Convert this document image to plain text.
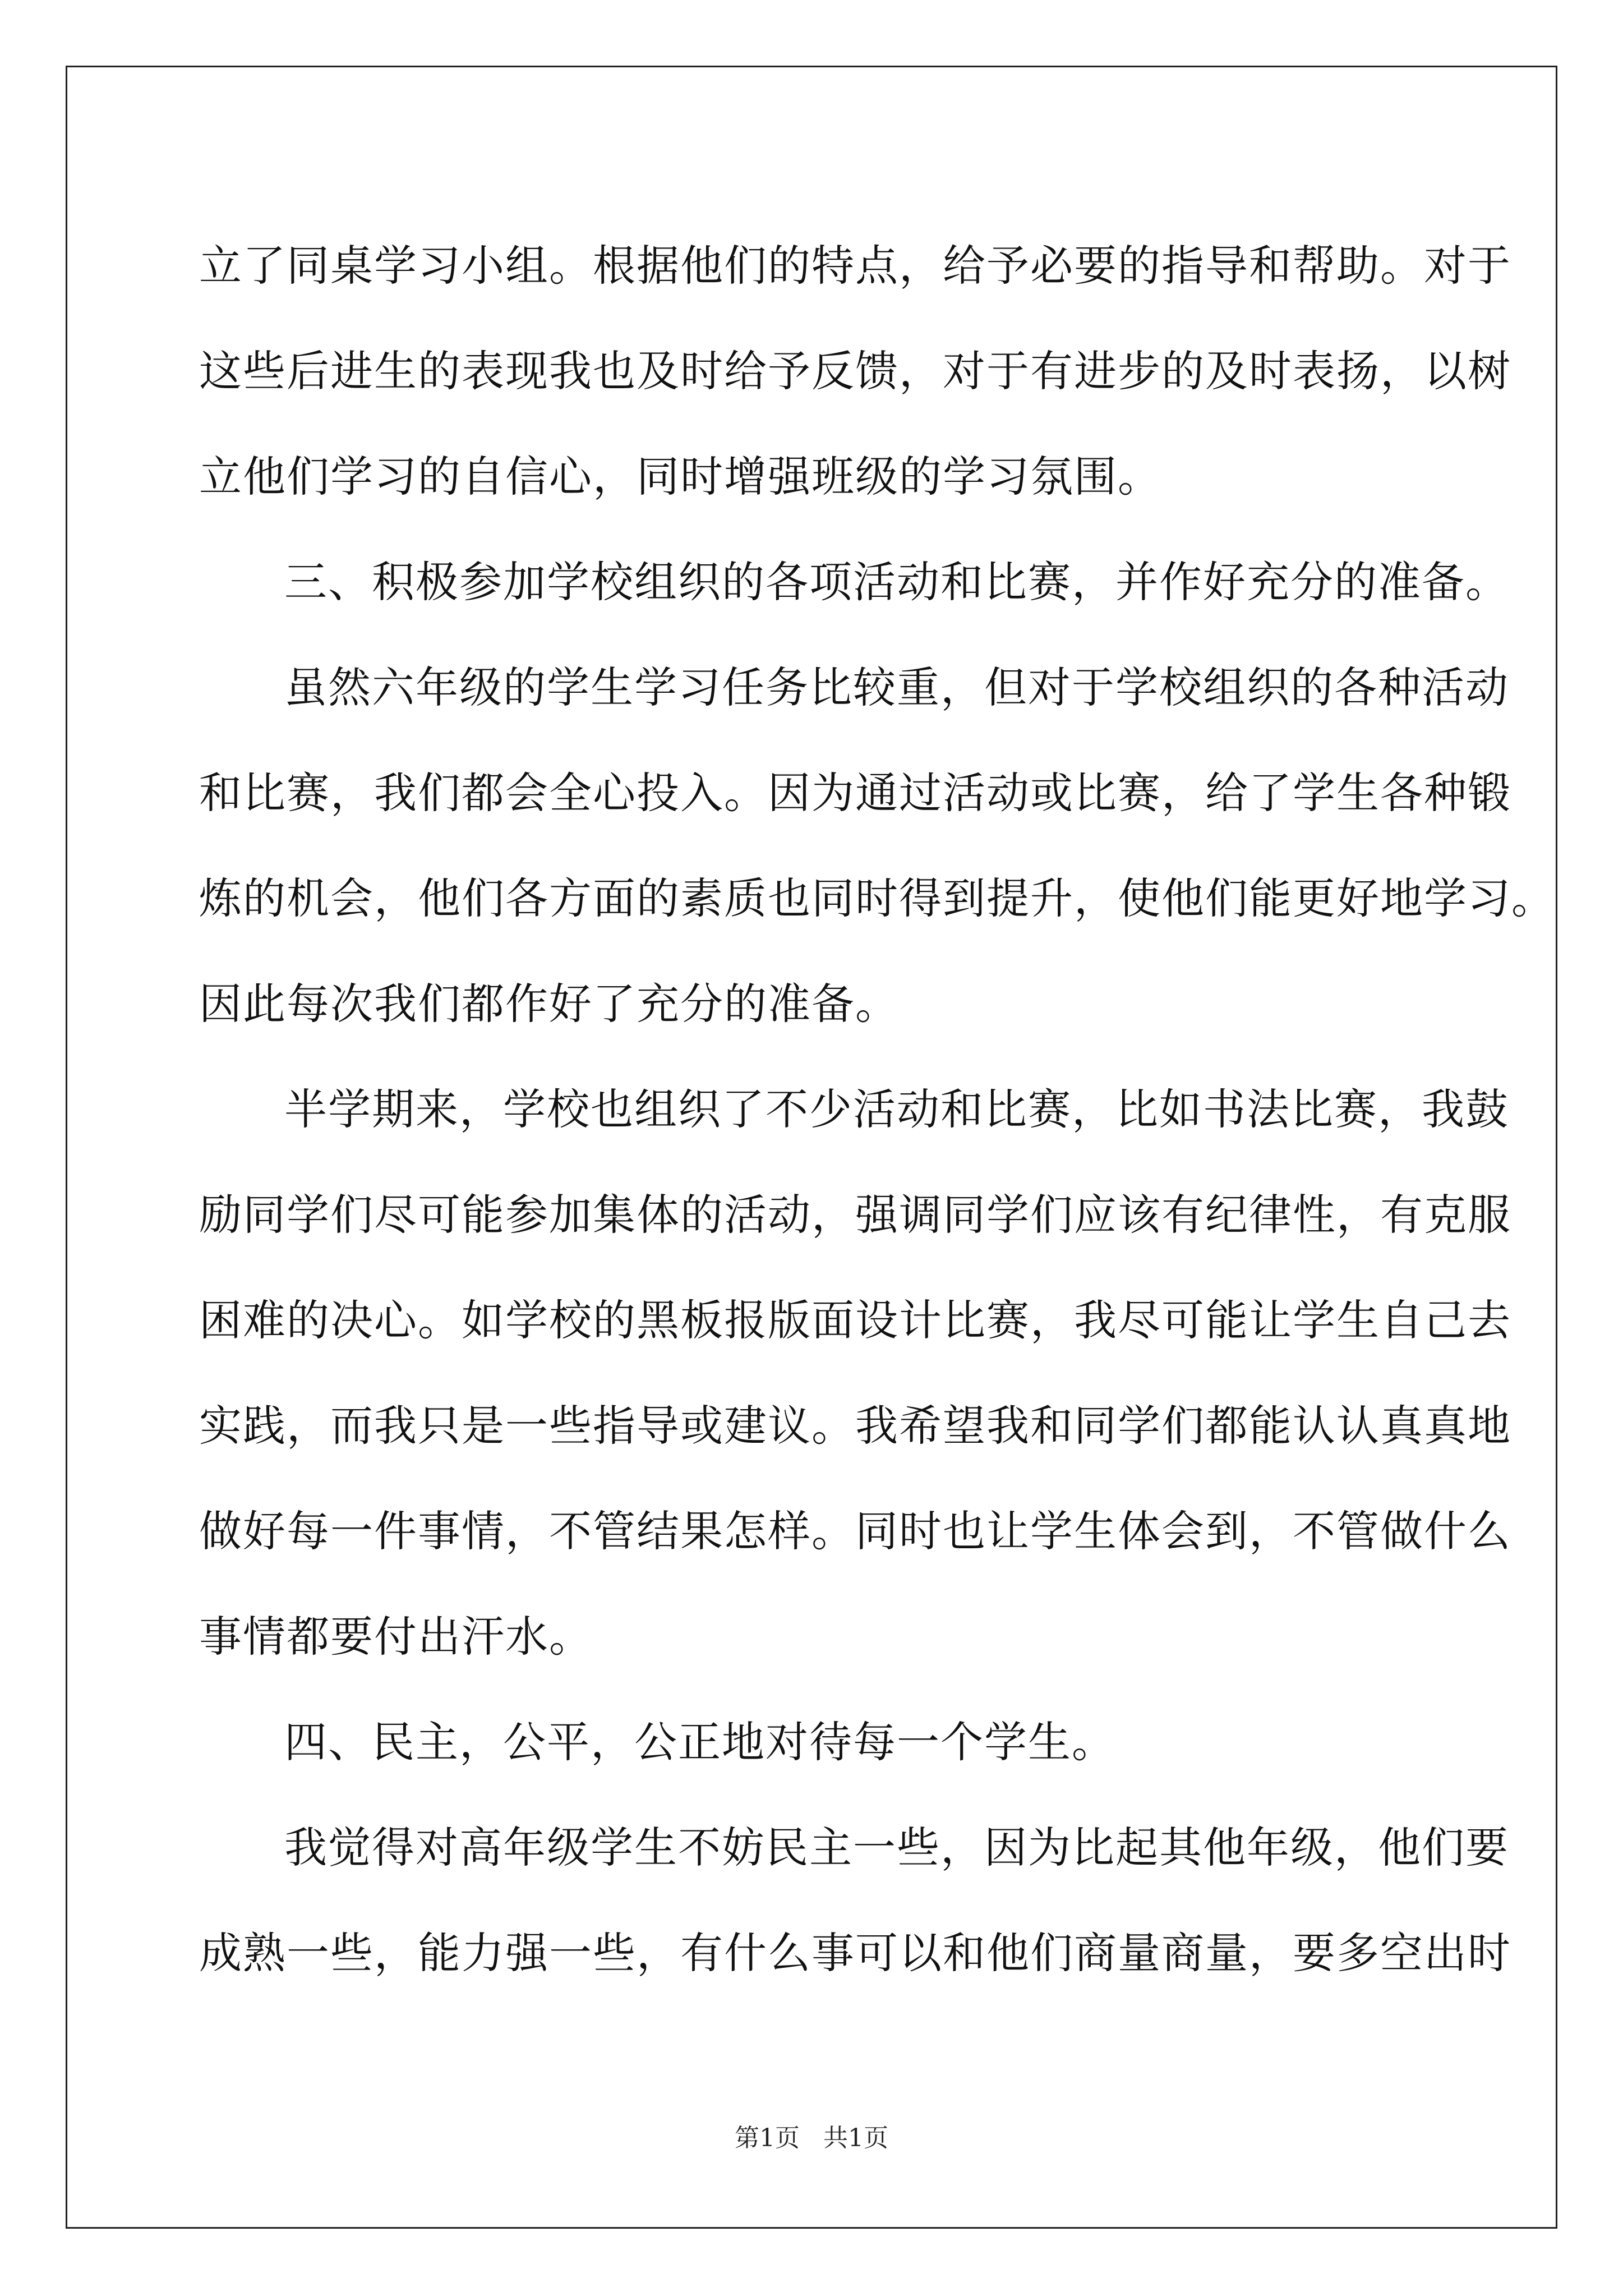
立了同桌学习小组。根据他们的特点，给予必要的指导和帮助。对于
这些后进生的表现我也及时给予反馈，对于有进步的及时表扬，以树
立他们学习的自信心，同时增强班级的学习氛围。
三、积极参加学校组织的各项活动和比赛，并作好充分的准备。
虽然六年级的学生学习任务比较重，但对于学校组织的各种活动
和比赛，我们都会全心投入。因为通过活动或比赛，给了学生各种锻
炼的机会，他们各方面的素质也同时得到提升，使他们能更好地学习。
因此每次我们都作好了充分的准备。
半学期来，学校也组织了不少活动和比赛，比如书法比赛，我鼓
励同学们尽可能参加集体的活动，强调同学们应该有纪律性，有克服
困难的决心。如学校的黑板报版面设计比赛，我尽可能让学生自己去
实践，而我只是一些指导或建议。我希望我和同学们都能认认真真地
做好每一件事情，不管结果怎样。同时也让学生体会到，不管做什么
事情都要付出汗水。
四、民主，公平，公正地对待每一个学生。
我觉得对高年级学生不妨民主一些，因为比起其他年级，他们要
成熟一些，能力强一些，有什么事可以和他们商量商量，要多空出时
第1页   共1页
